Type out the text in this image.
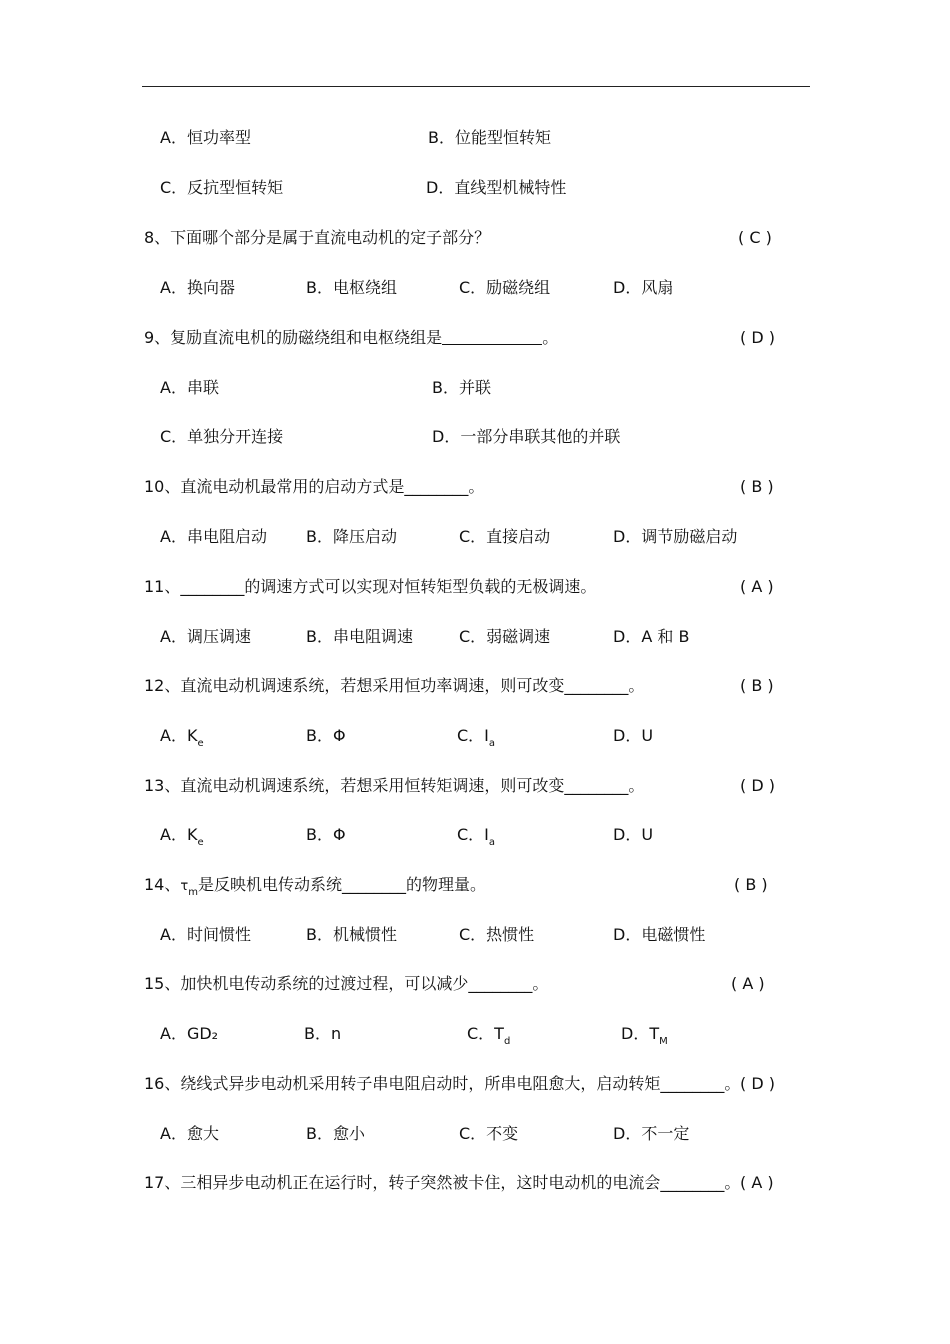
A．恒功率型	B．位能型恒转矩
C．反抗型恒转矩	D．直线型机械特性
8、下面哪个部分是属于直流电动机的定子部分？	( C )
A．换向器	B．电枢绕组	C．励磁绕组	D．风扇
9、复励直流电机的励磁绕组和电枢绕组是	。	( D )
A．串联	B．并联
C．单独分开连接	D．一部分串联其他的并联
10、直流电动机最常用的启动方式是________。	( B )
A．串电阻启动 B．降压启动	C．直接启动	D．调节励磁启动
11、________的调速方式可以实现对恒转矩型负载的无极调速。	( A )
A．调压调速	B．串电阻调速	C．弱磁调速	D．A 和 B
12、直流电动机调速系统，若想采用恒功率调速，则可改变________。	( B )
A．$K_e$	B．Φ	C．$I_a$	D．U
13、直流电动机调速系统，若想采用恒转矩调速，则可改变________。	( D )
A．$K_e$	B．Φ	C．$I_a$	D．U
14、$\tau_m$是反映机电传动系统________的物理量。	( B )
A．时间惯性	B．机械惯性	C．热惯性	D．电磁惯性
15、加快机电传动系统的过渡过程，可以减少________。	( A )
A．GD₂	B．n	C．$T_d$	D．$T_M$
16、绕线式异步电动机采用转子串电阻启动时，所串电阻愈大，启动转矩________。 ( D )
A．愈大	B．愈小	C．不变	D．不一定
17、三相异步电动机正在运行时，转子突然被卡住，这时电动机的电流会________。 ( A )
